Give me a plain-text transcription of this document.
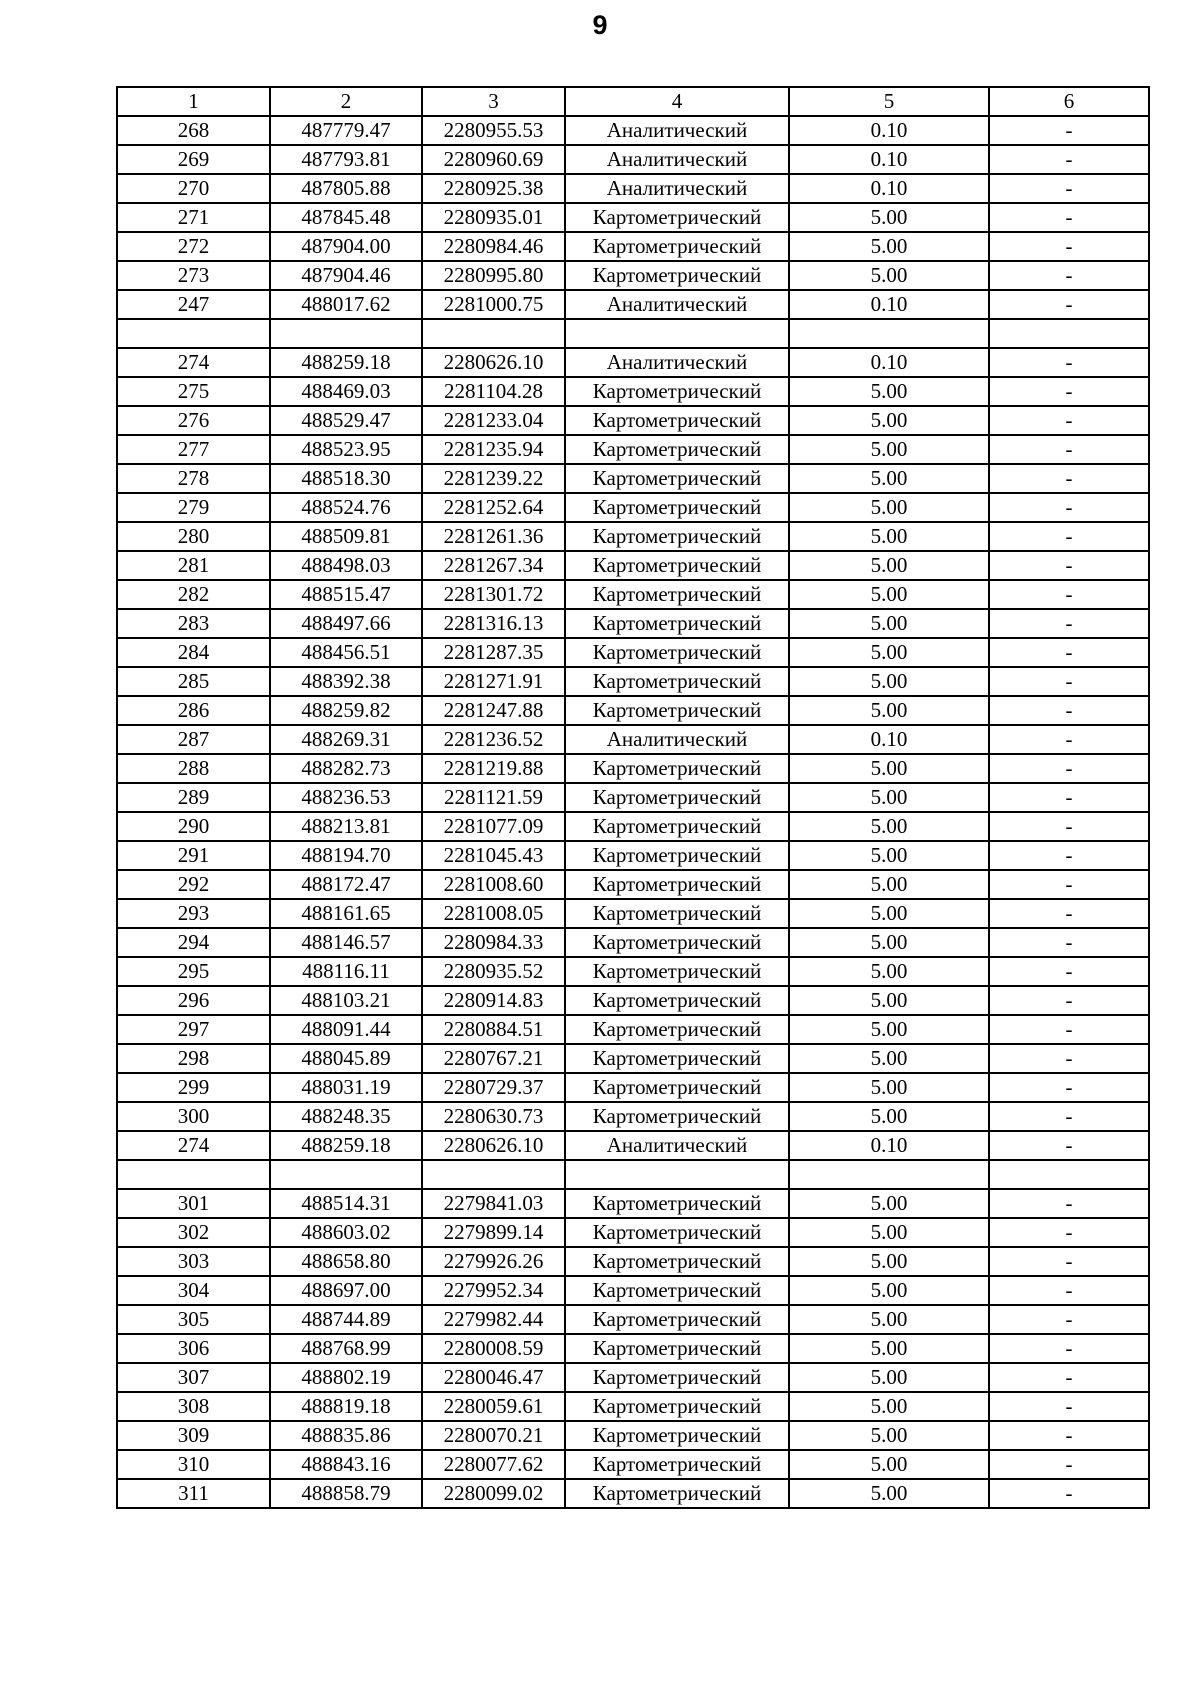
9
1	2	3	4	5	6
268	487779.47	2280955.53	Аналитический	0.10	-
269	487793.81	2280960.69	Аналитический	0.10	-
270	487805.88	2280925.38	Аналитический	0.10	-
271	487845.48	2280935.01	Картометрический	5.00	-
272	487904.00	2280984.46	Картометрический	5.00	-
273	487904.46	2280995.80	Картометрический	5.00	-
247	488017.62	2281000.75	Аналитический	0.10	-

274	488259.18	2280626.10	Аналитический	0.10	-
275	488469.03	2281104.28	Картометрический	5.00	-
276	488529.47	2281233.04	Картометрический	5.00	-
277	488523.95	2281235.94	Картометрический	5.00	-
278	488518.30	2281239.22	Картометрический	5.00	-
279	488524.76	2281252.64	Картометрический	5.00	-
280	488509.81	2281261.36	Картометрический	5.00	-
281	488498.03	2281267.34	Картометрический	5.00	-
282	488515.47	2281301.72	Картометрический	5.00	-
283	488497.66	2281316.13	Картометрический	5.00	-
284	488456.51	2281287.35	Картометрический	5.00	-
285	488392.38	2281271.91	Картометрический	5.00	-
286	488259.82	2281247.88	Картометрический	5.00	-
287	488269.31	2281236.52	Аналитический	0.10	-
288	488282.73	2281219.88	Картометрический	5.00	-
289	488236.53	2281121.59	Картометрический	5.00	-
290	488213.81	2281077.09	Картометрический	5.00	-
291	488194.70	2281045.43	Картометрический	5.00	-
292	488172.47	2281008.60	Картометрический	5.00	-
293	488161.65	2281008.05	Картометрический	5.00	-
294	488146.57	2280984.33	Картометрический	5.00	-
295	488116.11	2280935.52	Картометрический	5.00	-
296	488103.21	2280914.83	Картометрический	5.00	-
297	488091.44	2280884.51	Картометрический	5.00	-
298	488045.89	2280767.21	Картометрический	5.00	-
299	488031.19	2280729.37	Картометрический	5.00	-
300	488248.35	2280630.73	Картометрический	5.00	-
274	488259.18	2280626.10	Аналитический	0.10	-

301	488514.31	2279841.03	Картометрический	5.00	-
302	488603.02	2279899.14	Картометрический	5.00	-
303	488658.80	2279926.26	Картометрический	5.00	-
304	488697.00	2279952.34	Картометрический	5.00	-
305	488744.89	2279982.44	Картометрический	5.00	-
306	488768.99	2280008.59	Картометрический	5.00	-
307	488802.19	2280046.47	Картометрический	5.00	-
308	488819.18	2280059.61	Картометрический	5.00	-
309	488835.86	2280070.21	Картометрический	5.00	-
310	488843.16	2280077.62	Картометрический	5.00	-
311	488858.79	2280099.02	Картометрический	5.00	-
